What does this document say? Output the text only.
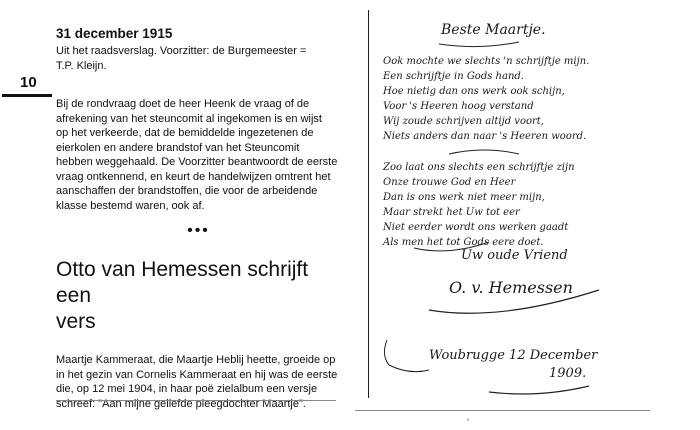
10
31 december 1915
Uit het raadsverslag. Voorzitter: de Burgemeester =
T.P. Kleijn.
Bij de rondvraag doet de heer Heenk de vraag of de
afrekening van het steuncomit al ingekomen is en wijst
op het verkeerde, dat de bemiddelde ingezetenen de
eierkolen en andere brandstof van het Steuncomit
hebben weggehaald. De Voorzitter beantwoordt de eerste
vraag ontkennend, en keurt de handelwijzen omtrent het
aanschaffen der brandstoffen, die voor de arbeidende
klasse bestemd waren, ook af.
•••
Otto van Hemessen schrijft een
vers
Maartje Kammeraat, die Maartje Heblij heette, groeide op
in het gezin van Cornelis Kammeraat en hij was de eerste
die, op 12 mei 1904, in haar poë zielalbum een versje
schreef: "Aan mijne geliefde pleegdochter Maartje".
•
Beste Maartje.
Ook mochte we slechts 'n schrijftje mijn.
Een schrijftje in Gods hand.
Hoe nietig dan ons werk ook schijn,
Voor 's Heeren hoog verstand
Wij zoude schrijven altijd voort,
Niets anders dan naar 's Heeren woord.
Zoo laat ons slechts een schrijftje zijn
Onze trouwe God en Heer
Dan is ons werk niet meer mijn,
Maar strekt het Uw tot eer
Niet eerder wordt ons werken gaadt
Als men het tot Gods eere doet.
Uw oude Vriend
O. v. Hemessen
Woubrugge 12 December
1909.
